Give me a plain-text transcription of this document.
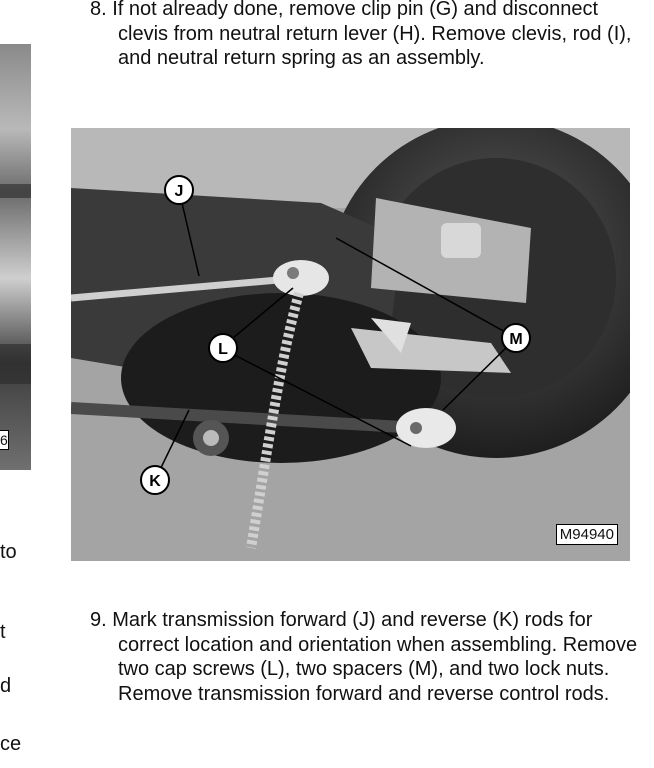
6
to
t
d
ce
8. If not already done, remove clip pin (G) and disconnect clevis from neutral return lever (H). Remove clevis, rod (I), and neutral return spring as an assembly.
J
K
L
M
M94940
9. Mark transmission forward (J) and reverse (K) rods for correct location and orientation when assembling. Remove two cap screws (L), two spacers (M), and two lock nuts. Remove transmission forward and reverse control rods.
